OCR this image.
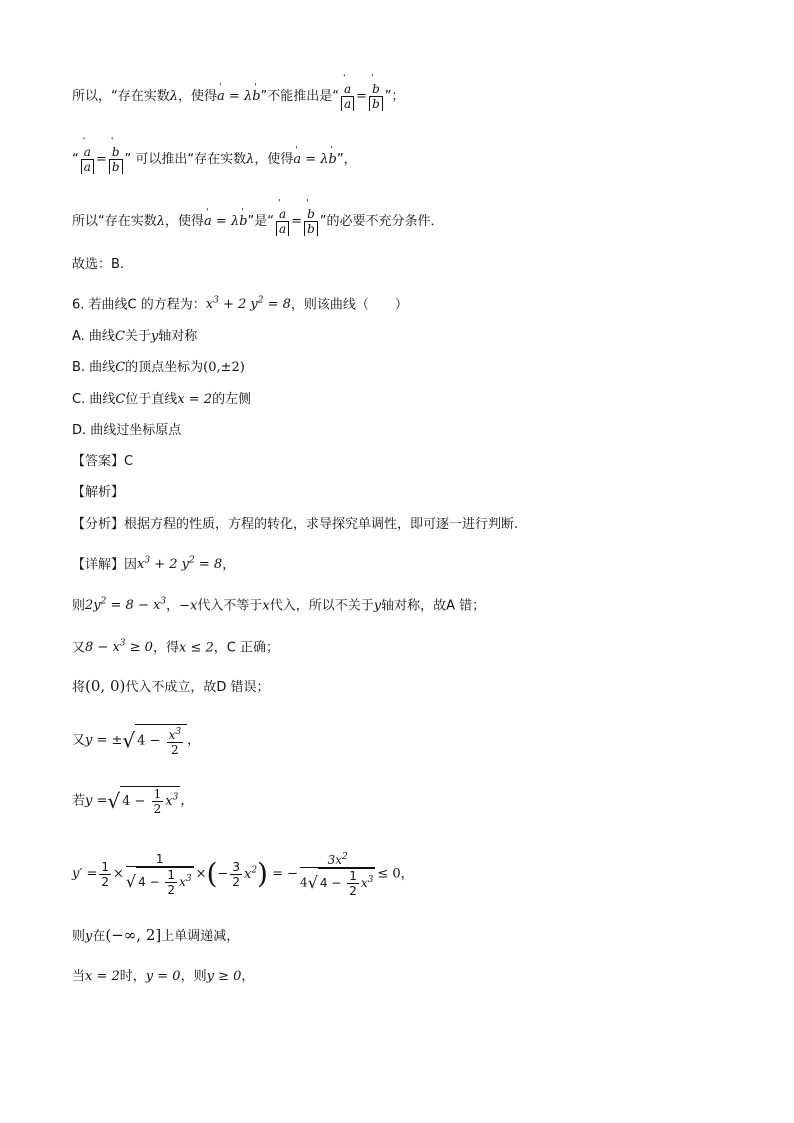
所以，“存在实数λ，使得' a = λ' b”不能推出是“ ' $\frac{a}{a}$ = ' $\frac{b}{b}$ ”；
“ ' $\frac{a}{a}$ = ' $\frac{b}{b}$ ” 可以推出“存在实数λ，使得' a = λ' b”，
所以“存在实数λ，使得' a = λ' b”是“ ' $\frac{a}{a}$ = ' $\frac{b}{b}$ ”的必要不充分条件．
故选：B.
6. 若曲线C 的方程为：$x^3 + 2$ $y^2 = 8$，则该曲线（　　）
A. 曲线C关于y轴对称
B. 曲线C的顶点坐标为(0,±2)
C. 曲线C位于直线x = 2的左侧
D. 曲线过坐标原点
【答案】C
【解析】
【分析】根据方程的性质，方程的转化，求导探究单调性，即可逐一进行判断.
【详解】因$x^3 + 2$ $y^2 = 8$，
则$2y^2 = 8 - x^3$，−x代入不等于x代入，所以不关于y轴对称，故A 错；
又$8 - x^3 \ge 0$，得x ≤ 2，C 正确；
将(0, 0)代入不成立，故D 错误；
又y = ±√ $4 - \frac{x^3}{2}$ ，
若y =√ $4 - \frac{1}{2} x^3$ ，
$y' = \frac{1}{2} \times \frac{1}{√ 4 - \frac{1}{2} x^3}$ ×(− $\frac{3}{2} x^2$) = − $\frac{3x^2}{4√ 4 - \frac{1}{2} x^3} \le 0$，
则y在(−∞, 2]上单调递减，
当x = 2时，y = 0，则y ≥ 0，
